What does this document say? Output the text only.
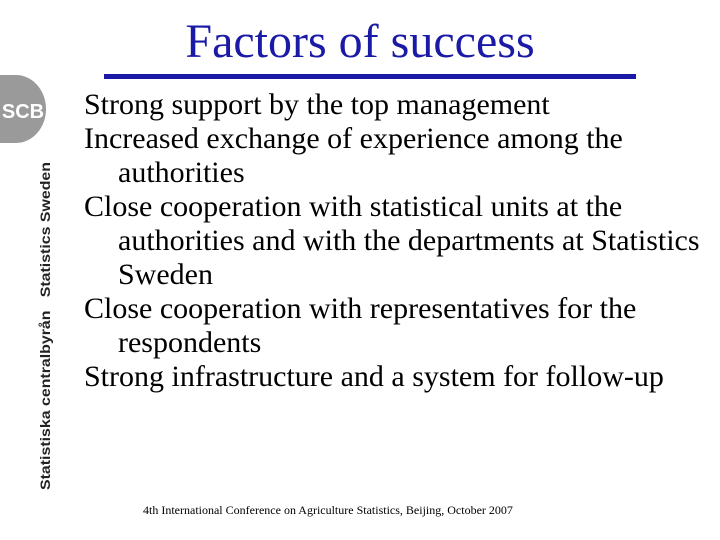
Factors of success
SCB
Statistiska centralbyrån   Statistics Sweden
Strong support by the top management
Increased exchange of experience among the authorities
Close cooperation with statistical units at the authorities and with the departments at Statistics Sweden
Close cooperation with representatives for the respondents
Strong infrastructure and a system for follow-up
4th International Conference on Agriculture Statistics, Beijing, October 2007
